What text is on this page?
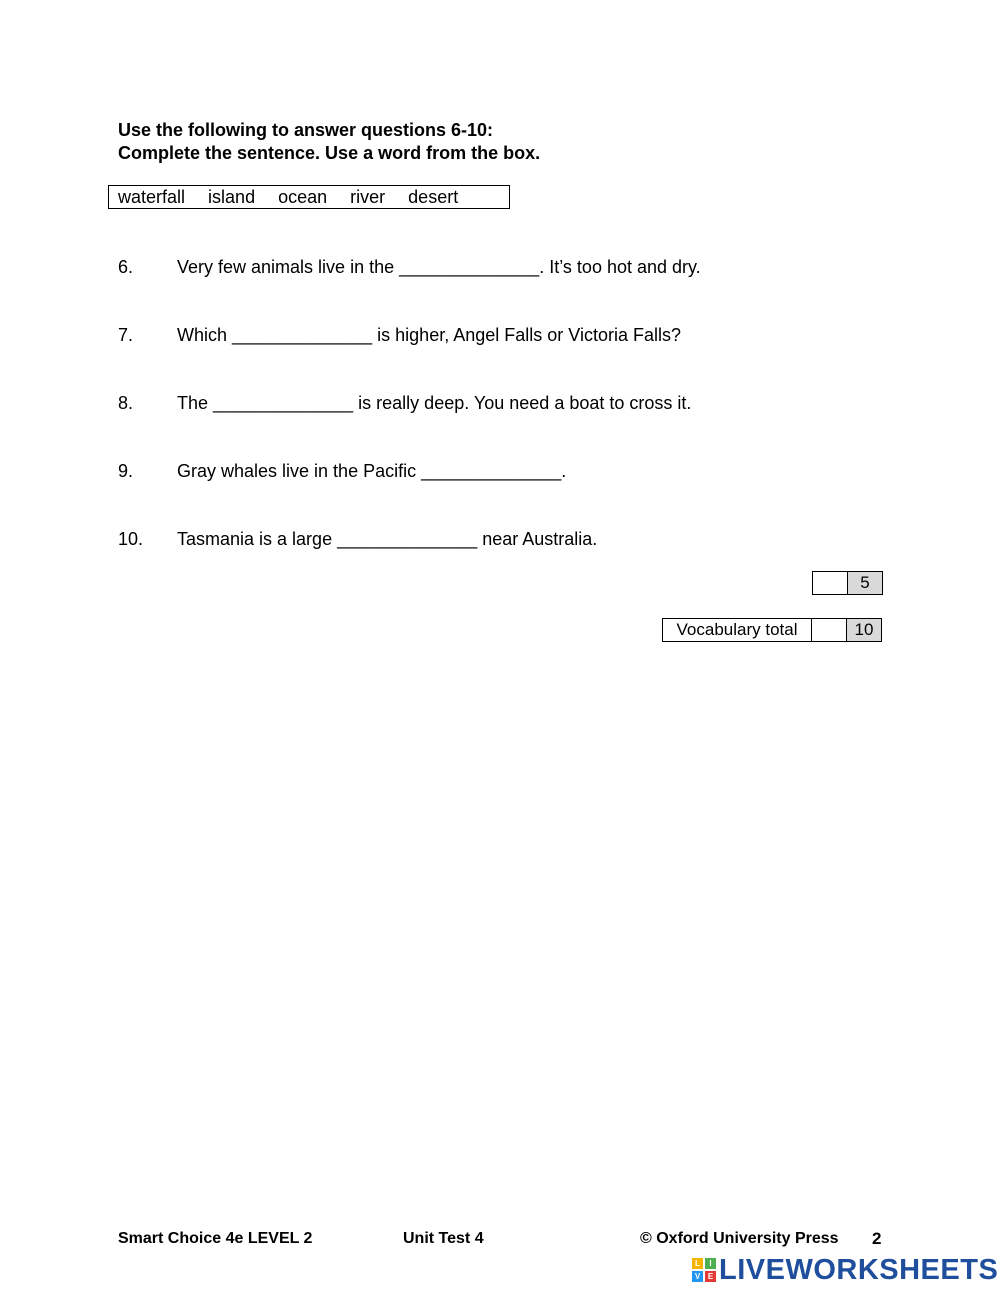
Use the following to answer questions 6-10:
Complete the sentence. Use a word from the box.
waterfall island ocean river desert
6. Very few animals live in the ______________. It’s too hot and dry.
7. Which ______________ is higher, Angel Falls or Victoria Falls?
8. The ______________ is really deep. You need a boat to cross it.
9. Gray whales live in the Pacific ______________.
10. Tasmania is a large ______________ near Australia.
	5
Vocabulary total		10
Smart Choice 4e LEVEL 2	Unit Test 4	© Oxford University Press 2
L	I
V E LIVEWORKSHEETS
